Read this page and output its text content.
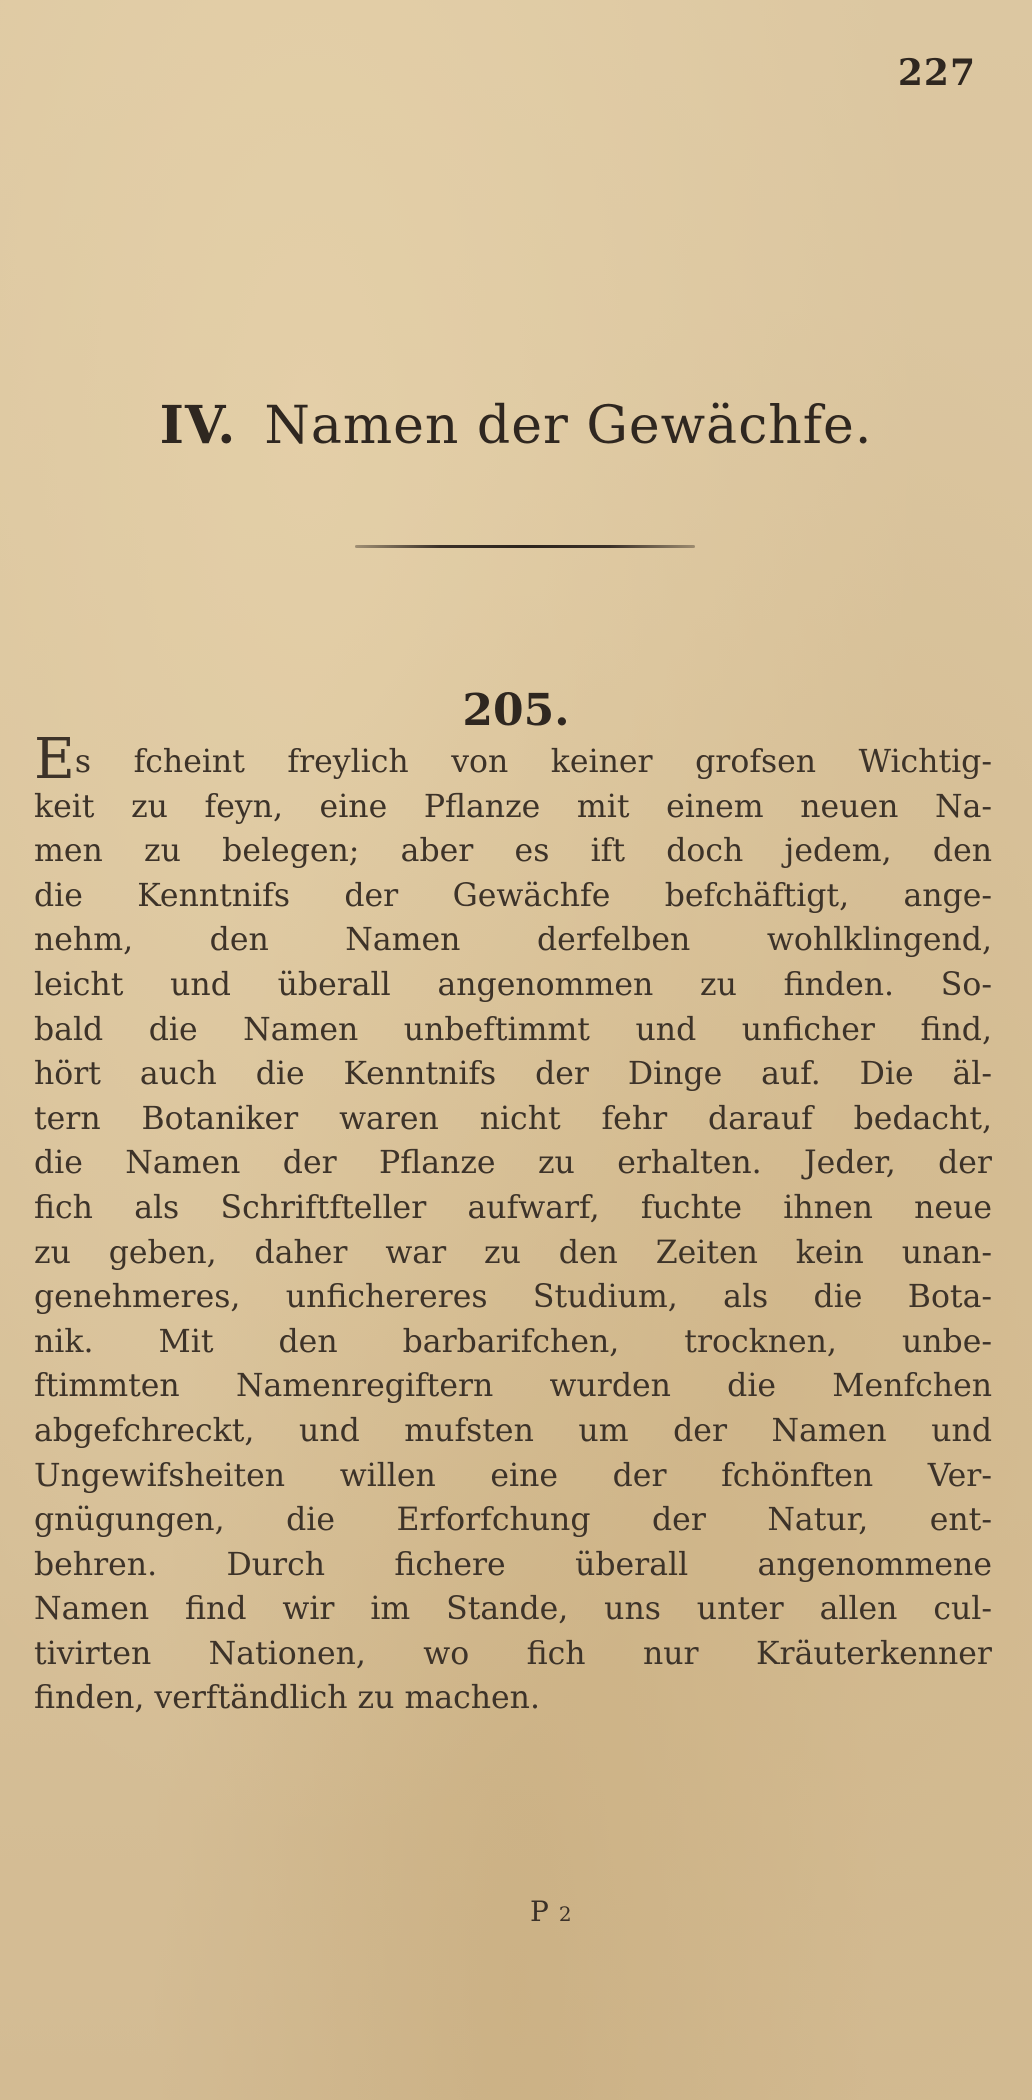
227
IV. Namen der Gewächfe.
205.
Es fcheint freylich von keiner grofsen Wichtig-
keit zu feyn, eine Pflanze mit einem neuen Na-
men zu belegen; aber es ift doch jedem, den
die Kenntnifs der Gewächfe befchäftigt, ange-
nehm, den Namen derfelben wohlklingend,
leicht und überall angenommen zu finden. So-
bald die Namen unbeftimmt und unficher find,
hört auch die Kenntnifs der Dinge auf. Die äl-
tern Botaniker waren nicht fehr darauf bedacht,
die Namen der Pflanze zu erhalten. Jeder, der
fich als Schriftfteller aufwarf, fuchte ihnen neue
zu geben, daher war zu den Zeiten kein unan-
genehmeres, unfichereres Studium, als die Bota-
nik. Mit den barbarifchen, trocknen, unbe-
ftimmten Namenregiftern wurden die Menfchen
abgefchreckt, und mufsten um der Namen und
Ungewifsheiten willen eine der fchönften Ver-
gnügungen, die Erforfchung der Natur, ent-
behren. Durch fichere überall angenommene
Namen find wir im Stande, uns unter allen cul-
tivirten Nationen, wo fich nur Kräuterkenner
finden, verftändlich zu machen.
P 2
